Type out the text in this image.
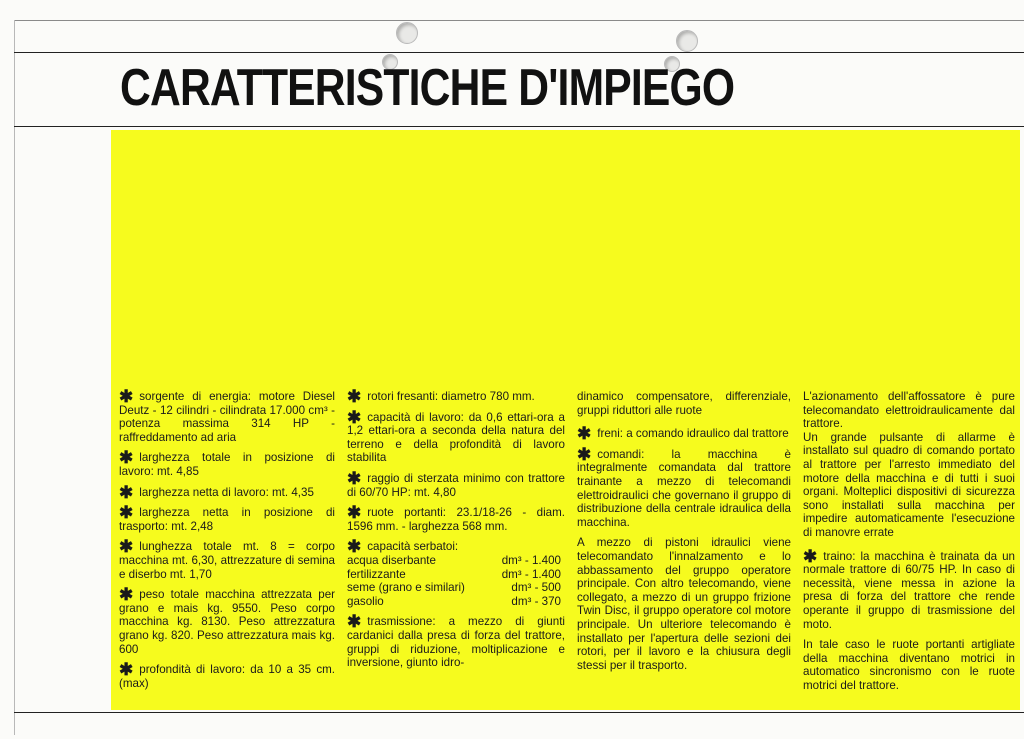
CARATTERISTICHE D'IMPIEGO
✱ sorgente di energia: motore Diesel Deutz - 12 cilindri - cilindrata 17.000 cm³ - potenza massima 314 HP - raffreddamento ad aria
✱ larghezza totale in posizione di lavoro: mt. 4,85
✱ larghezza netta di lavoro: mt. 4,35
✱ larghezza netta in posizione di trasporto: mt. 2,48
✱ lunghezza totale mt. 8 = corpo macchina mt. 6,30, attrezzature di semina e diserbo mt. 1,70
✱ peso totale macchina attrezzata per grano e mais kg. 9550. Peso corpo macchina kg. 8130. Peso attrezzatura grano kg. 820. Peso attrezzatura mais kg. 600
✱ profondità di lavoro: da 10 a 35 cm. (max)
✱ rotori fresanti: diametro 780 mm.
✱ capacità di lavoro: da 0,6 ettari-ora a 1,2 ettari-ora a seconda della natura del terreno e della profondità di lavoro stabilita
✱ raggio di sterzata minimo con trattore di 60/70 HP: mt. 4,80
✱ ruote portanti: 23.1/18-26 - diam. 1596 mm. - larghezza 568 mm.
✱ capacità serbatoi:
acqua diserbante	dm³ - 1.400
fertilizzante	dm³ - 1.400
seme (grano e similari)	dm³ - 500
gasolio	dm³ - 370
✱ trasmissione: a mezzo di giunti cardanici dalla presa di forza del trattore, gruppi di riduzione, moltiplicazione e inversione, giunto idro-
dinamico compensatore, differenziale, gruppi riduttori alle ruote
✱ freni: a comando idraulico dal trattore
✱ comandi: la macchina è integralmente comandata dal trattore trainante a mezzo di telecomandi elettroidraulici che governano il gruppo di distribuzione della centrale idraulica della macchina.
A mezzo di pistoni idraulici viene telecomandato l'innalzamento e lo abbassamento del gruppo operatore principale. Con altro telecomando, viene collegato, a mezzo di un gruppo frizione Twin Disc, il gruppo operatore col motore principale. Un ulteriore telecomando è installato per l'apertura delle sezioni dei rotori, per il lavoro e la chiusura degli stessi per il trasporto.
L'azionamento dell'affossatore è pure telecomandato elettroidraulicamente dal trattore.
Un grande pulsante di allarme è installato sul quadro di comando portato al trattore per l'arresto immediato del motore della macchina e di tutti i suoi organi. Molteplici dispositivi di sicurezza sono installati sulla macchina per impedire automaticamente l'esecuzione di manovre errate
✱ traino: la macchina è trainata da un normale trattore di 60/75 HP. In caso di necessità, viene messa in azione la presa di forza del trattore che rende operante il gruppo di trasmissione del moto.
In tale caso le ruote portanti artigliate della macchina diventano motrici in automatico sincronismo con le ruote motrici del trattore.
